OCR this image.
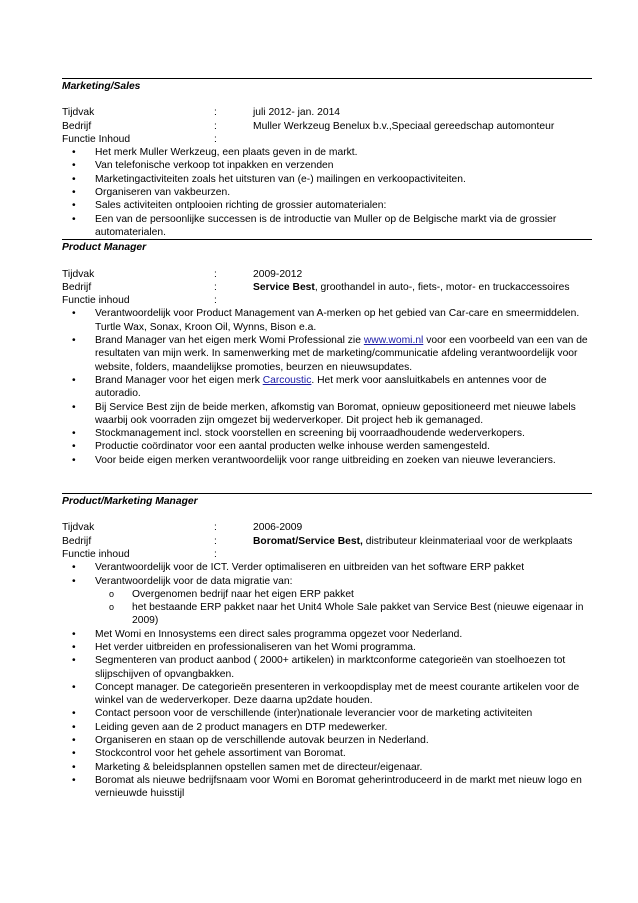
Marketing/Sales
Tijdvak	:	juli 2012- jan. 2014
Bedrijf	:	Muller Werkzeug Benelux b.v.,Speciaal gereedschap automonteur
Functie Inhoud	:
• Het merk Muller Werkzeug, een plaats geven in de markt.
• Van telefonische verkoop tot inpakken en verzenden
• Marketingactiviteiten zoals het uitsturen van (e-) mailingen en verkoopactiviteiten.
• Organiseren van vakbeurzen.
• Sales activiteiten ontplooien richting de grossier automaterialen:
• Een van de persoonlijke successen is de introductie van Muller op de Belgische markt via de grossier automaterialen.
Product Manager
Tijdvak	:	2009-2012
Bedrijf	:	Service Best, groothandel in auto-, fiets-, motor- en truckaccessoires
Functie inhoud	:
• Verantwoordelijk voor Product Management van A-merken op het gebied van Car-care en smeermiddelen. Turtle Wax, Sonax, Kroon Oil, Wynns, Bison e.a.
• Brand Manager van het eigen merk Womi Professional zie www.womi.nl voor een voorbeeld van een van de resultaten van mijn werk. In samenwerking met de marketing/communicatie afdeling verantwoordelijk voor website, folders, maandelijkse promoties, beurzen en nieuwsupdates.
• Brand Manager voor het eigen merk Carcoustic. Het merk voor aansluitkabels en antennes voor de autoradio.
• Bij Service Best zijn de beide merken, afkomstig van Boromat, opnieuw gepositioneerd met nieuwe labels waarbij ook voorraden zijn omgezet bij wederverkoper. Dit project heb ik gemanaged.
• Stockmanagement incl. stock voorstellen en screening bij voorraadhoudende wederverkopers.
• Productie coördinator voor een aantal producten welke inhouse werden samengesteld.
• Voor beide eigen merken verantwoordelijk voor range uitbreiding en zoeken van nieuwe leveranciers.
Product/Marketing Manager
Tijdvak	:	2006-2009
Bedrijf	:	Boromat/Service Best, distributeur kleinmateriaal voor de werkplaats
Functie inhoud	:
• Verantwoordelijk voor de ICT. Verder optimaliseren en uitbreiden van het software ERP pakket
• Verantwoordelijk voor de data migratie van:
o Overgenomen bedrijf naar het eigen ERP pakket
o het bestaande ERP pakket naar het Unit4 Whole Sale pakket van Service Best (nieuwe eigenaar in 2009)
• Met Womi en Innosystems een direct sales programma opgezet voor Nederland.
• Het verder uitbreiden en professionaliseren van het Womi programma.
• Segmenteren van product aanbod ( 2000+ artikelen) in marktconforme categorieën van stoelhoezen tot slijpschijven of opvangbakken.
• Concept manager. De categorieën presenteren in verkoopdisplay met de meest courante artikelen voor de winkel van de wederverkoper. Deze daarna up2date houden.
• Contact persoon voor de verschillende (inter)nationale leverancier voor de marketing activiteiten
• Leiding geven aan de 2 product managers en DTP medewerker.
• Organiseren en staan op de verschillende autovak beurzen in Nederland.
• Stockcontrol voor het gehele assortiment van Boromat.
• Marketing & beleidsplannen opstellen samen met de directeur/eigenaar.
• Boromat als nieuwe bedrijfsnaam voor Womi en Boromat geherintroduceerd in de markt met nieuw logo en vernieuwde huisstijl
